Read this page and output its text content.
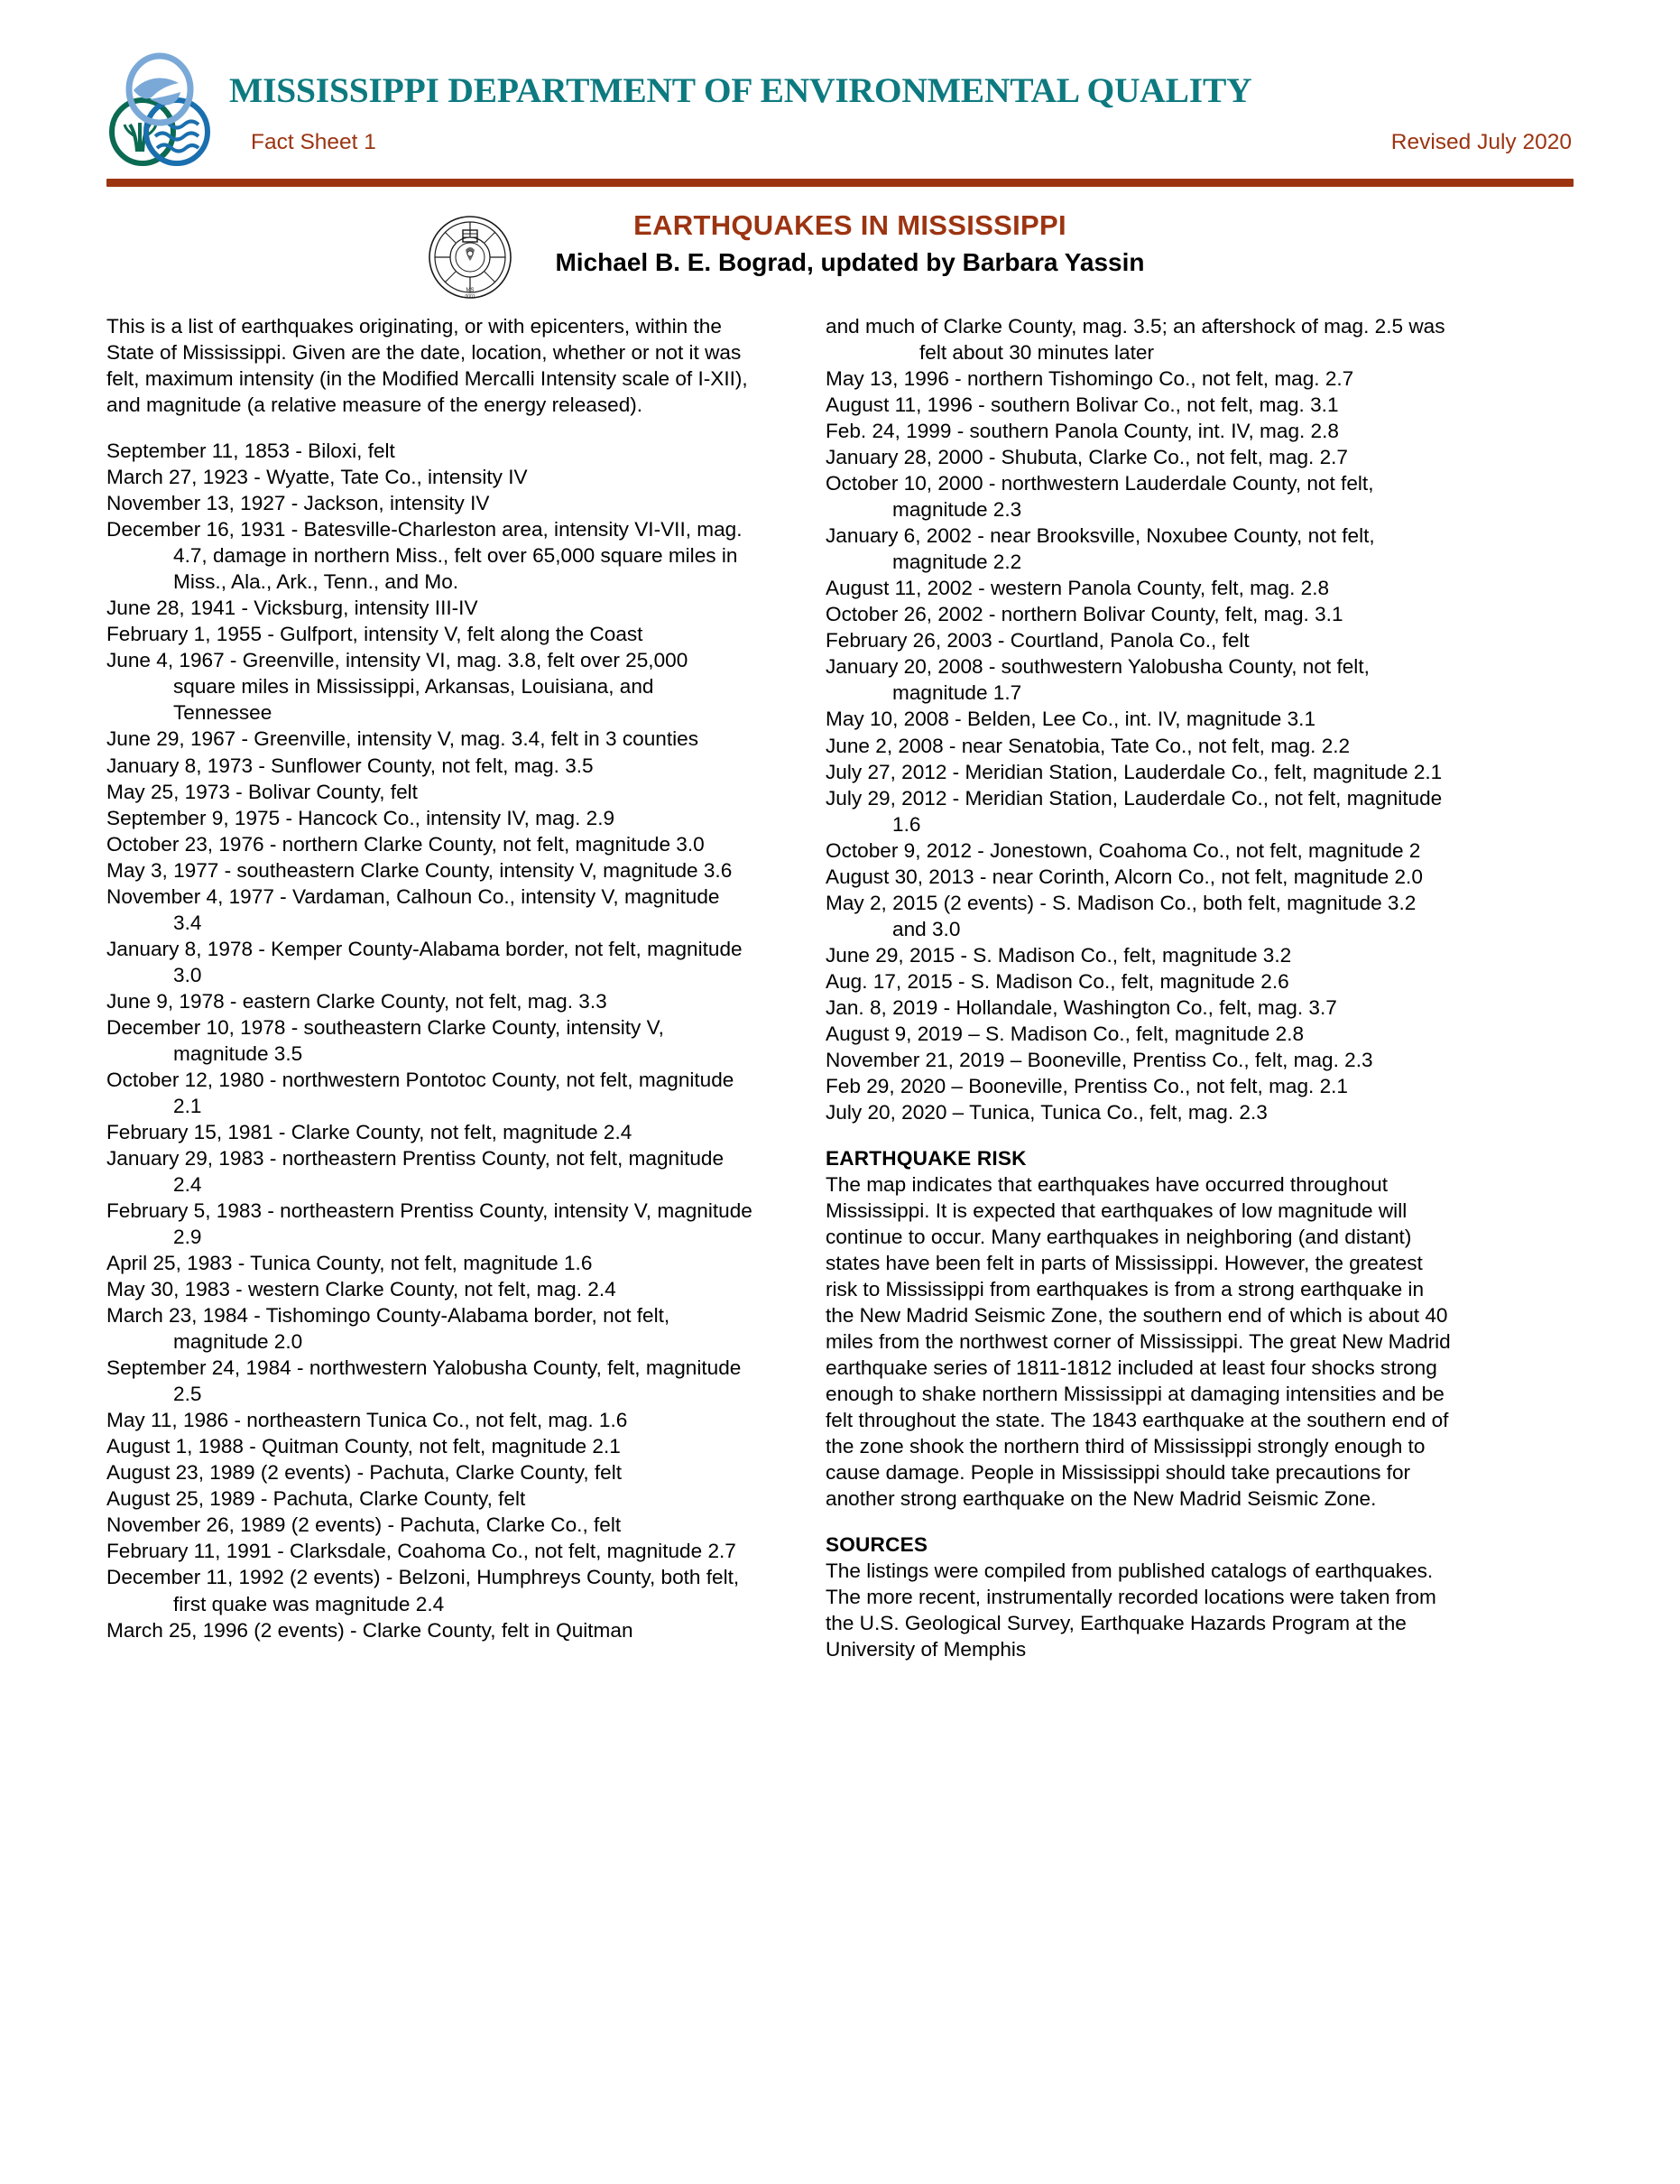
MISSISSIPPI DEPARTMENT OF ENVIRONMENTAL QUALITY
Fact Sheet 1	Revised July 2020
MS
0001
EARTHQUAKES IN MISSISSIPPI
Michael B. E. Bograd, updated by Barbara Yassin

This is a list of earthquakes originating, or with epicenters, within the State of Mississippi. Given are the date, location, whether or not it was felt, maximum intensity (in the Modified Mercalli Intensity scale of I-XII), and magnitude (a relative measure of the energy released).

September 11, 1853 - Biloxi, felt

March 27, 1923 - Wyatte, Tate Co., intensity IV

November 13, 1927 - Jackson, intensity IV

December 16, 1931 - Batesville-Charleston area, intensity VI-VII, mag. 4.7, damage in northern Miss., felt over 65,000 square miles in Miss., Ala., Ark., Tenn., and Mo.

June 28, 1941 - Vicksburg, intensity III-IV

February 1, 1955 - Gulfport, intensity V, felt along the Coast

June 4, 1967 - Greenville, intensity VI, mag. 3.8, felt over 25,000 square miles in Mississippi, Arkansas, Louisiana, and Tennessee

June 29, 1967 - Greenville, intensity V, mag. 3.4, felt in 3 counties

January 8, 1973 - Sunflower County, not felt, mag. 3.5

May 25, 1973 - Bolivar County, felt

September 9, 1975 - Hancock Co., intensity IV, mag. 2.9

October 23, 1976 - northern Clarke County, not felt, magnitude 3.0

May 3, 1977 - southeastern Clarke County, intensity V, magnitude 3.6

November 4, 1977 - Vardaman, Calhoun Co., intensity V, magnitude 3.4

January 8, 1978 - Kemper County-Alabama border, not felt, magnitude 3.0

June 9, 1978 - eastern Clarke County, not felt, mag. 3.3

December 10, 1978 - southeastern Clarke County, intensity V, magnitude 3.5

October 12, 1980 - northwestern Pontotoc County, not felt, magnitude 2.1

February 15, 1981 - Clarke County, not felt, magnitude 2.4

January 29, 1983 - northeastern Prentiss County, not felt, magnitude 2.4

February 5, 1983 - northeastern Prentiss County, intensity V, magnitude 2.9

April 25, 1983 - Tunica County, not felt, magnitude 1.6

May 30, 1983 - western Clarke County, not felt, mag. 2.4

March 23, 1984 - Tishomingo County-Alabama border, not felt, magnitude 2.0

September 24, 1984 - northwestern Yalobusha County, felt, magnitude 2.5

May 11, 1986 - northeastern Tunica Co., not felt, mag. 1.6

August 1, 1988 - Quitman County, not felt, magnitude 2.1

August 23, 1989 (2 events) - Pachuta, Clarke County, felt

August 25, 1989 - Pachuta, Clarke County, felt

November 26, 1989 (2 events) - Pachuta, Clarke Co., felt

February 11, 1991 - Clarksdale, Coahoma Co., not felt, magnitude 2.7

December 11, 1992 (2 events) - Belzoni, Humphreys County, both felt, first quake was magnitude 2.4

March 25, 1996 (2 events) - Clarke County, felt in Quitman

and much of Clarke County, mag. 3.5; an aftershock of mag. 2.5 was felt about 30 minutes later

May 13, 1996 - northern Tishomingo Co., not felt, mag. 2.7

August 11, 1996 - southern Bolivar Co., not felt, mag. 3.1

Feb. 24, 1999 - southern Panola County, int. IV, mag. 2.8

January 28, 2000 - Shubuta, Clarke Co., not felt, mag. 2.7

October 10, 2000 - northwestern Lauderdale County, not felt, magnitude 2.3

January 6, 2002 - near Brooksville, Noxubee County, not felt, magnitude 2.2

August 11, 2002 - western Panola County, felt, mag. 2.8

October 26, 2002 - northern Bolivar County, felt, mag. 3.1

February 26, 2003 - Courtland, Panola Co., felt

January 20, 2008 - southwestern Yalobusha County, not felt, magnitude 1.7

May 10, 2008 - Belden, Lee Co., int. IV, magnitude 3.1

June 2, 2008 - near Senatobia, Tate Co., not felt, mag. 2.2

July 27, 2012 - Meridian Station, Lauderdale Co., felt, magnitude 2.1

July 29, 2012 - Meridian Station, Lauderdale Co., not felt, magnitude 1.6

October 9, 2012 - Jonestown, Coahoma Co., not felt, magnitude 2

August 30, 2013 - near Corinth, Alcorn Co., not felt, magnitude 2.0

May 2, 2015 (2 events) - S. Madison Co., both felt, magnitude 3.2 and 3.0

June 29, 2015 - S. Madison Co., felt, magnitude 3.2

Aug. 17, 2015 - S. Madison Co., felt, magnitude 2.6

Jan. 8, 2019 - Hollandale, Washington Co., felt, mag. 3.7

August 9, 2019 – S. Madison Co., felt, magnitude 2.8

November 21, 2019 – Booneville, Prentiss Co., felt, mag. 2.3

Feb 29, 2020 – Booneville, Prentiss Co., not felt, mag. 2.1

July 20, 2020 – Tunica, Tunica Co., felt, mag. 2.3

EARTHQUAKE RISK

The map indicates that earthquakes have occurred throughout Mississippi. It is expected that earthquakes of low magnitude will continue to occur. Many earthquakes in neighboring (and distant) states have been felt in parts of Mississippi. However, the greatest risk to Mississippi from earthquakes is from a strong earthquake in the New Madrid Seismic Zone, the southern end of which is about 40 miles from the northwest corner of Mississippi. The great New Madrid earthquake series of 1811-1812 included at least four shocks strong enough to shake northern Mississippi at damaging intensities and be felt throughout the state. The 1843 earthquake at the southern end of the zone shook the northern third of Mississippi strongly enough to cause damage. People in Mississippi should take precautions for another strong earthquake on the New Madrid Seismic Zone.

SOURCES

The listings were compiled from published catalogs of earthquakes. The more recent, instrumentally recorded locations were taken from the U.S. Geological Survey, Earthquake Hazards Program at the University of Memphis
